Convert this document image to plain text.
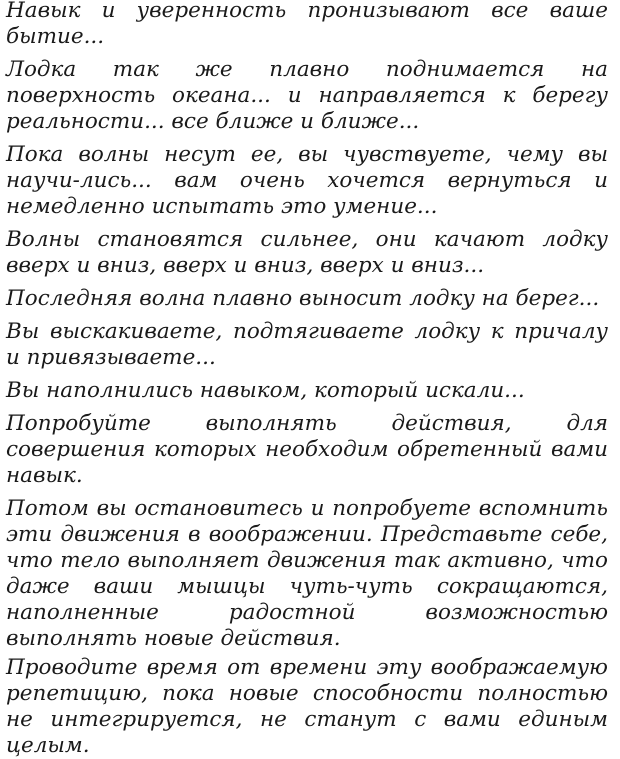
Навык и уверенность пронизывают все ваше бытие...

Лодка так же плавно поднимается на поверхность океана... и направляется к берегу реальности... все ближе и ближе...

Пока волны несут ее, вы чувствуете, чему вы научи-лись... вам очень хочется вернуться и немедленно испытать это умение...

Волны становятся сильнее, они качают лодку вверх и вниз, вверх и вниз, вверх и вниз...

Последняя волна плавно выносит лодку на берег...

Вы выскакиваете, подтягиваете лодку к причалу и привязываете...

Вы наполнились навыком, который искали...

Попробуйте выполнять действия, для совершения которых необходим обретенный вами навык.

Потом вы остановитесь и попробуете вспомнить эти движения в воображении. Представьте себе, что тело выполняет движения так активно, что даже ваши мышцы чуть-чуть сокращаются, наполненные радостной возможностью выполнять новые действия.

Проводите время от времени эту воображаемую репетицию, пока новые способности полностью не интегрируется, не станут с вами единым целым.
